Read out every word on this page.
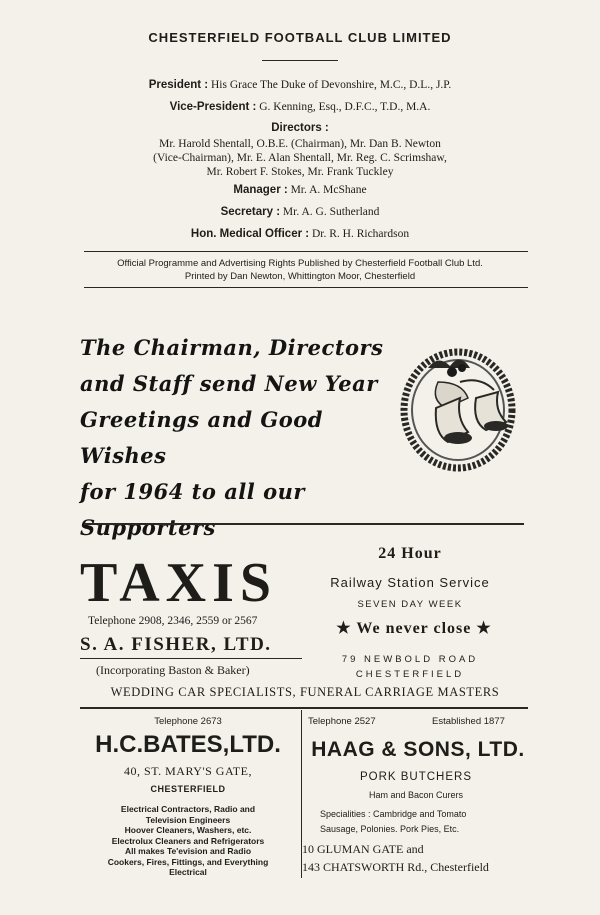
CHESTERFIELD FOOTBALL CLUB LIMITED
President : His Grace The Duke of Devonshire, M.C., D.L., J.P.
Vice-President : G. Kenning, Esq., D.F.C., T.D., M.A.
Directors :
Mr. Harold Shentall, O.B.E. (Chairman), Mr. Dan B. Newton
(Vice-Chairman), Mr. E. Alan Shentall, Mr. Reg. C. Scrimshaw,
Mr. Robert F. Stokes, Mr. Frank Tuckley
Manager : Mr. A. McShane
Secretary : Mr. A. G. Sutherland
Hon. Medical Officer : Dr. R. H. Richardson
Official Programme and Advertising Rights Published by Chesterfield Football Club Ltd.
Printed by Dan Newton, Whittington Moor, Chesterfield
The Chairman, Directors
and Staff send New Year
Greetings and Good Wishes
for 1964 to all our Supporters
TAXIS
Telephone 2908, 2346, 2559 or 2567
S. A. FISHER, LTD.
(Incorporating Baston & Baker)
24 Hour
Railway Station Service
SEVEN DAY WEEK
★ We never close ★
79 NEWBOLD ROAD
CHESTERFIELD
WEDDING CAR SPECIALISTS, FUNERAL CARRIAGE MASTERS
Telephone 2673
H.C.BATES,LTD.
40, ST. MARY'S GATE,
CHESTERFIELD
Electrical Contractors, Radio and
Television Engineers
Hoover Cleaners, Washers, etc.
Electrolux Cleaners and Refrigerators
All makes Te'evision and Radio
Cookers, Fires, Fittings, and Everything
Electrical
Telephone 2527	Established 1877
HAAG & SONS, LTD.
PORK BUTCHERS
Ham and Bacon Curers
Specialities : Cambridge and Tomato
Sausage, Polonies. Pork Pies, Etc.
10 GLUMAN GATE and
143 CHATSWORTH Rd., Chesterfield
